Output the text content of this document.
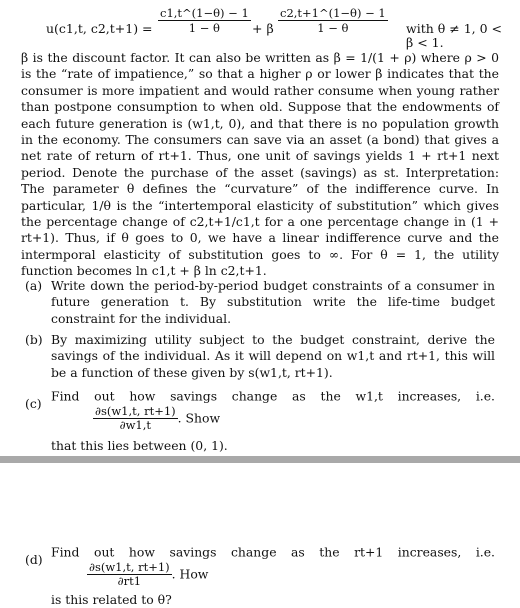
u(c1,t, $c2,t+1) = \frac{c1,t\^{}(1-\theta) - 1}{1 - \theta} + \beta \frac{c2,t+1\^{}(1-\theta) - 1}{1 - \theta}$ with θ ≠ 1, 0 < β < 1.
β is the discount factor. It can also be written as β = 1/(1 + ρ) where ρ > 0 is the “rate of impatience,” so that a higher ρ or lower β indicates that the consumer is more impatient and would rather consume when young rather than postpone consumption to when old. Suppose that the endowments of each future generation is (w1,t, 0), and that there is no population growth in the economy. The consumers can save via an asset (a bond) that gives a net rate of return of rt+1. Thus, one unit of savings yields 1 + rt+1 next period. Denote the purchase of the asset (savings) as st. Interpretation: The parameter θ defines the “curvature” of the indifference curve. In particular, 1/θ is the “intertemporal elasticity of substitution” which gives the percentage change of c2,t+1/c1,t for a one percentage change in (1 + rt+1). Thus, if θ goes to 0, we have a linear indifference curve and the intermporal elasticity of substitution goes to ∞. For θ = 1, the utility function becomes ln c1,t + β ln c2,t+1.
(a) Write down the period-by-period budget constraints of a consumer in future generation t. By substitution write the life-time budget constraint for the individual.
(b) By maximizing utility subject to the budget constraint, derive the savings of the individual. As it will depend on w1,t and rt+1, this will be a function of these given by s(w1,t, rt+1).
(c) Find out how savings change as the w1,t increases, i.e.
$\frac{\partial s(w1,t, rt+1)}{\partial w1,t}$ . Show
that this lies between (0, 1).
(d) Find out how savings change as the rt+1 increases, i.e.
$\frac{\partial s(w1,t, rt+1)}{\partial rt1}$ . How
is this related to θ?
